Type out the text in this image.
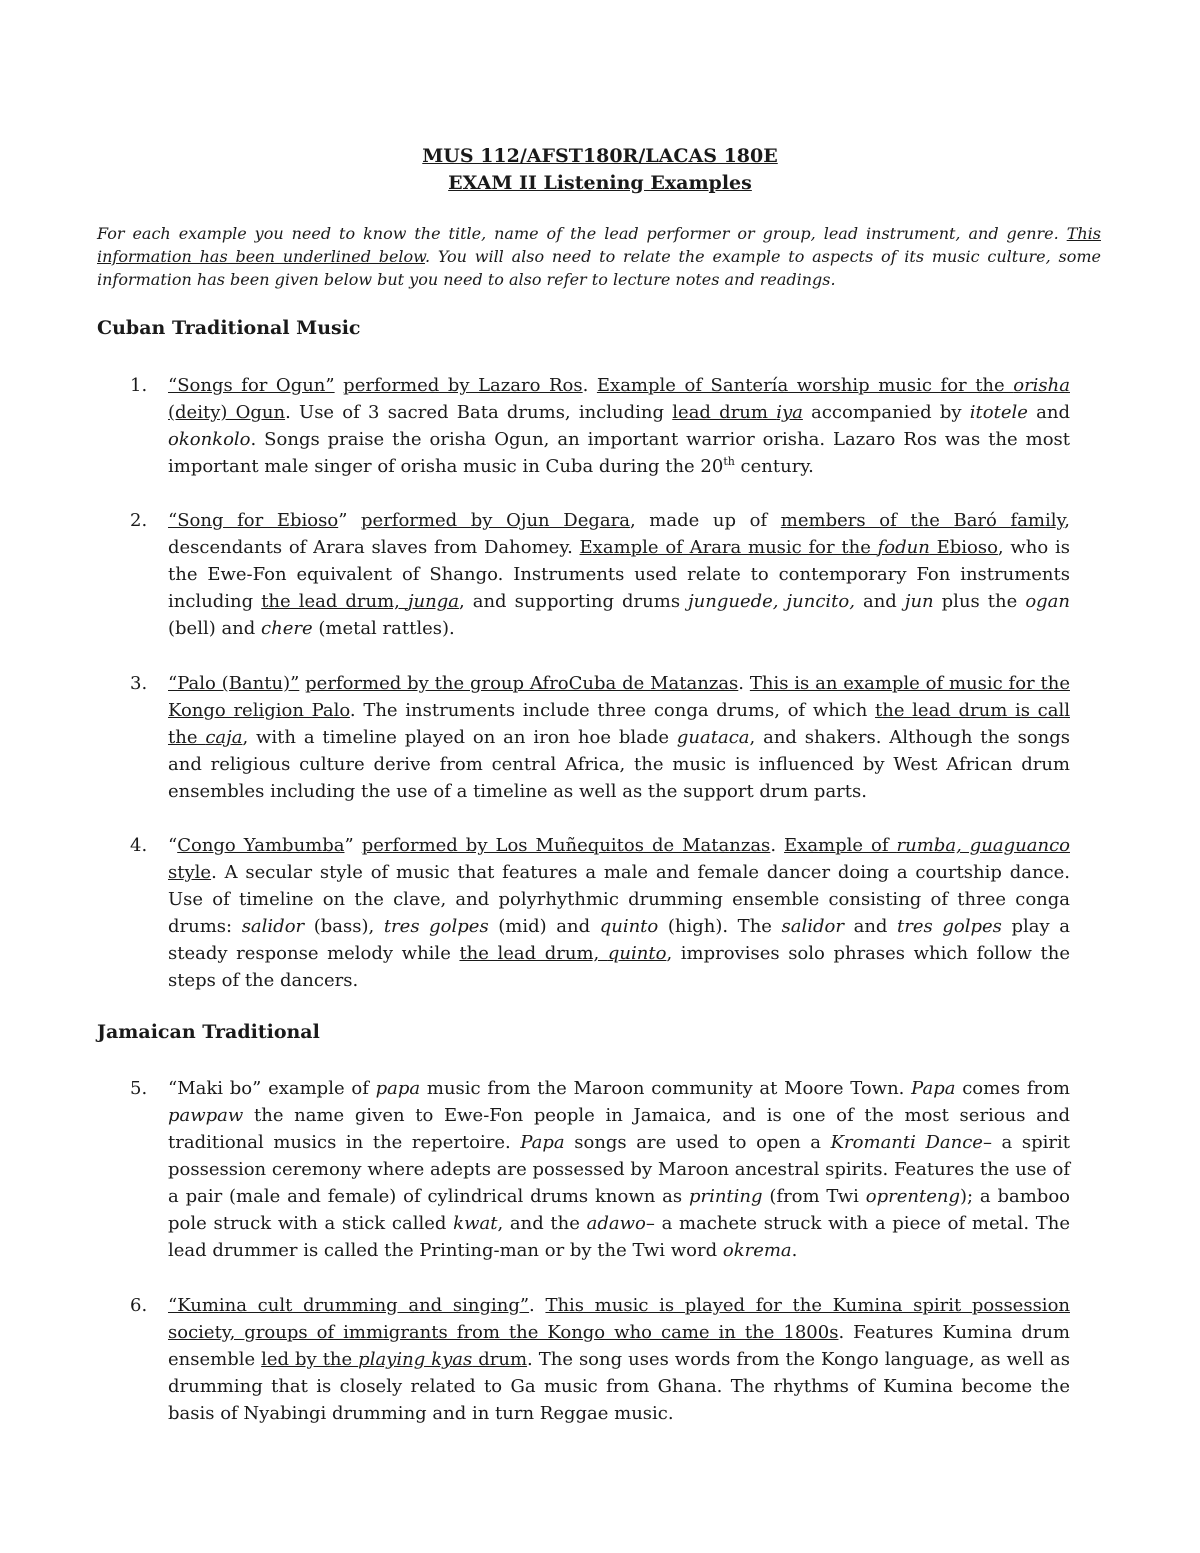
MUS 112/AFST180R/LACAS 180E
EXAM II Listening Examples
For each example you need to know the title, name of the lead performer or group, lead instrument, and genre. This information has been underlined below. You will also need to relate the example to aspects of its music culture, some information has been given below but you need to also refer to lecture notes and readings.
Cuban Traditional Music
1. “Songs for Ogun” performed by Lazaro Ros. Example of Santería worship music for the orisha (deity) Ogun. Use of 3 sacred Bata drums, including lead drum iya accompanied by itotele and okonkolo. Songs praise the orisha Ogun, an important warrior orisha. Lazaro Ros was the most important male singer of orisha music in Cuba during the 20th century.
2. “Song for Ebioso” performed by Ojun Degara, made up of members of the Baró family, descendants of Arara slaves from Dahomey. Example of Arara music for the fodun Ebioso, who is the Ewe-Fon equivalent of Shango. Instruments used relate to contemporary Fon instruments including the lead drum, junga, and supporting drums junguede, juncito, and jun plus the ogan (bell) and chere (metal rattles).
3. “Palo (Bantu)” performed by the group AfroCuba de Matanzas. This is an example of music for the Kongo religion Palo. The instruments include three conga drums, of which the lead drum is call the caja, with a timeline played on an iron hoe blade guataca, and shakers. Although the songs and religious culture derive from central Africa, the music is influenced by West African drum ensembles including the use of a timeline as well as the support drum parts.
4. “Congo Yambumba” performed by Los Muñequitos de Matanzas. Example of rumba, guaguanco style. A secular style of music that features a male and female dancer doing a courtship dance. Use of timeline on the clave, and polyrhythmic drumming ensemble consisting of three conga drums: salidor (bass), tres golpes (mid) and quinto (high). The salidor and tres golpes play a steady response melody while the lead drum, quinto, improvises solo phrases which follow the steps of the dancers.
Jamaican Traditional
5. “Maki bo” example of papa music from the Maroon community at Moore Town. Papa comes from pawpaw the name given to Ewe-Fon people in Jamaica, and is one of the most serious and traditional musics in the repertoire. Papa songs are used to open a Kromanti Dance– a spirit possession ceremony where adepts are possessed by Maroon ancestral spirits. Features the use of a pair (male and female) of cylindrical drums known as printing (from Twi oprenteng); a bamboo pole struck with a stick called kwat, and the adawo– a machete struck with a piece of metal. The lead drummer is called the Printing-man or by the Twi word okrema.
6. “Kumina cult drumming and singing”. This music is played for the Kumina spirit possession society, groups of immigrants from the Kongo who came in the 1800s. Features Kumina drum ensemble led by the playing kyas drum. The song uses words from the Kongo language, as well as drumming that is closely related to Ga music from Ghana. The rhythms of Kumina become the basis of Nyabingi drumming and in turn Reggae music.
